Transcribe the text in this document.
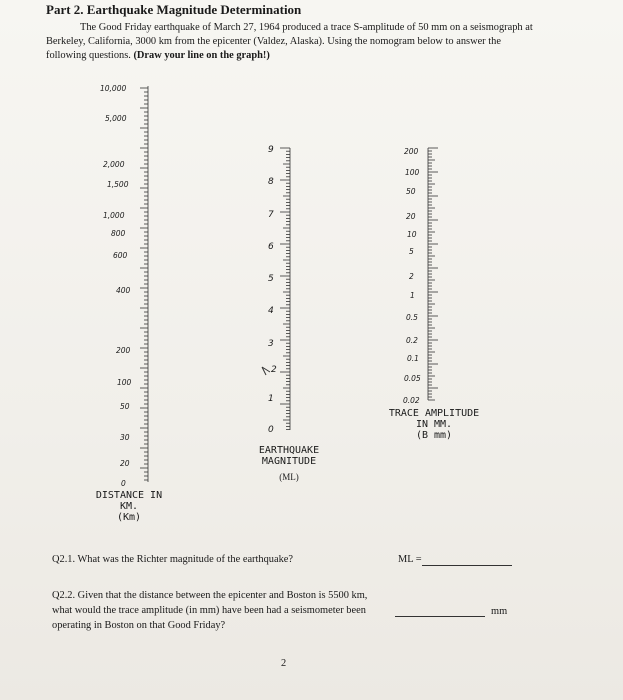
Part 2. Earthquake Magnitude Determination
The Good Friday earthquake of March 27, 1964 produced a trace S-amplitude of 50 mm on a seismograph at Berkeley, California, 3000 km from the epicenter (Valdez, Alaska). Using the nomogram below to answer the following questions. (Draw your line on the graph!)
10,000
5,000
2,000
1,500
1,000
800
600
400
200
100
50
30
20
0
DISTANCE IN
KM.
(Km)
9
8
7
6
5
4
3
2
1
0
EARTHQUAKE
MAGNITUDE
(ML)
200
100
50
20
10
5
2
1
0.5
0.2
0.1
0.05
0.02
TRACE AMPLITUDE
IN MM.
(B mm)
Q2.1. What was the Richter magnitude of the earthquake?	ML =
Q2.2. Given that the distance between the epicenter and Boston is 5500 km, what would the trace amplitude (in mm) have been had a seismometer been operating in Boston on that Good Friday?
mm
2
